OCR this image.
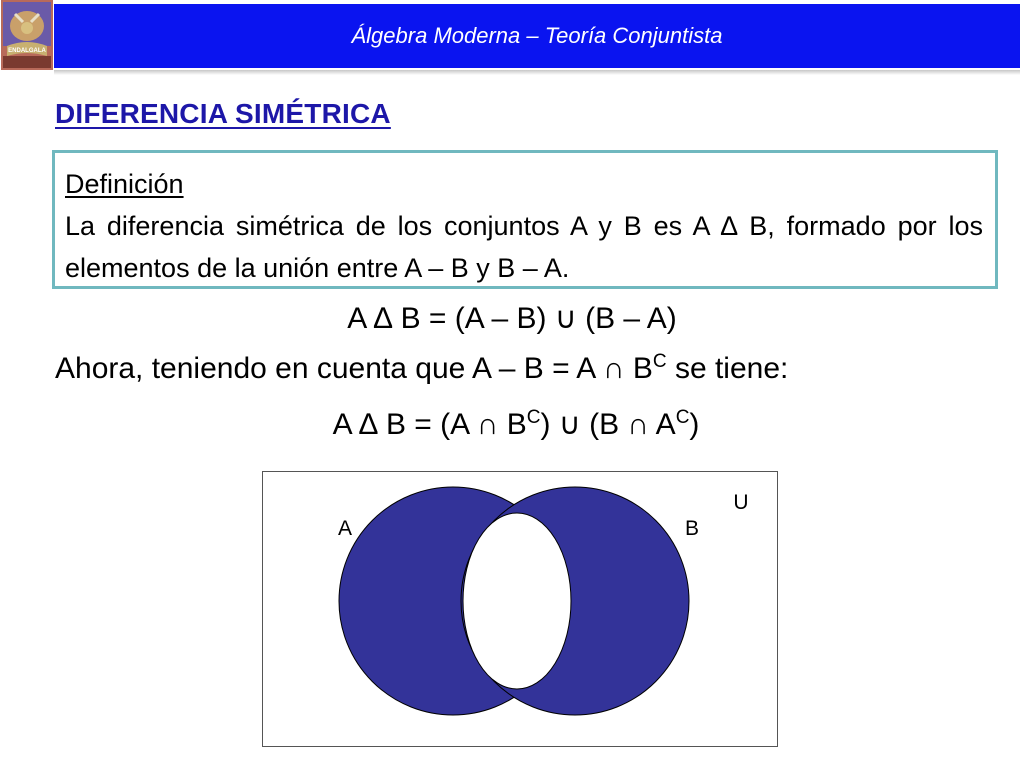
ENDALGALA
Álgebra Moderna – Teoría Conjuntista
DIFERENCIA SIMÉTRICA
Definición
La diferencia simétrica de los conjuntos A y B es A ∆ B, formado por los elementos de la unión entre A – B y B – A.
A ∆ B = (A – B) ∪ (B – A)
Ahora, teniendo en cuenta que A – B = A ∩ $B^C$ se tiene:
A ∆ B = (A ∩ $B^C$) ∪ (B ∩ $A^C$)
U
A	B
